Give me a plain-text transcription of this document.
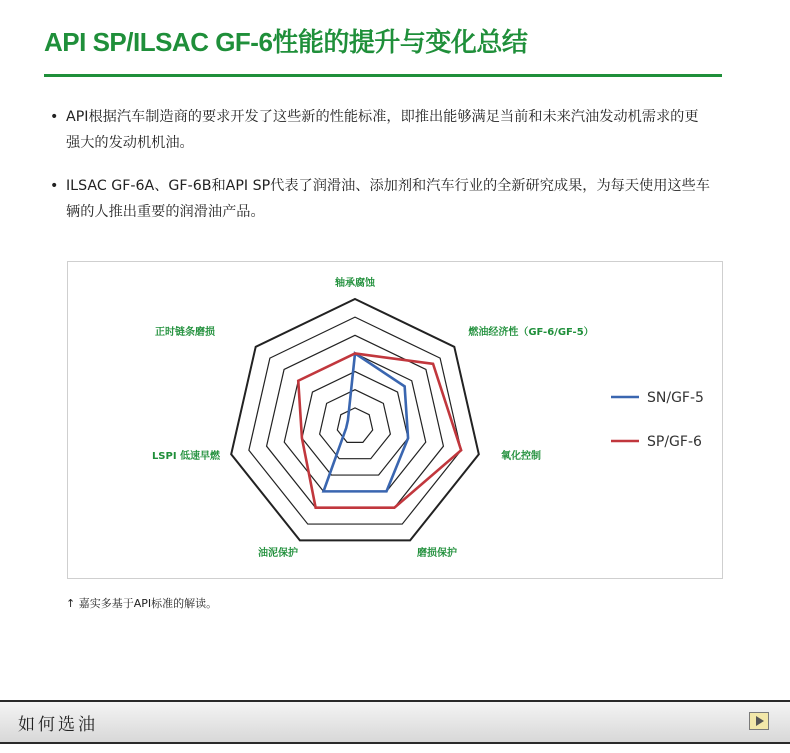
API SP/ILSAC GF-6性能的提升与变化总结
• API根据汽车制造商的要求开发了这些新的性能标准，即推出能够满足当前和未来汽油发动机需求的更强大的发动机机油。
• ILSAC GF-6A、GF-6B和API SP代表了润滑油、添加剂和汽车行业的全新研究成果，为每天使用这些车辆的人推出重要的润滑油产品。
轴承腐蚀
燃油经济性（GF-6/GF-5）
氧化控制
磨损保护
油泥保护
LSPI 低速早燃
正时链条磨损
SN/GF-5
SP/GF-6
↑ 嘉实多基于API标准的解读。
如何选油
